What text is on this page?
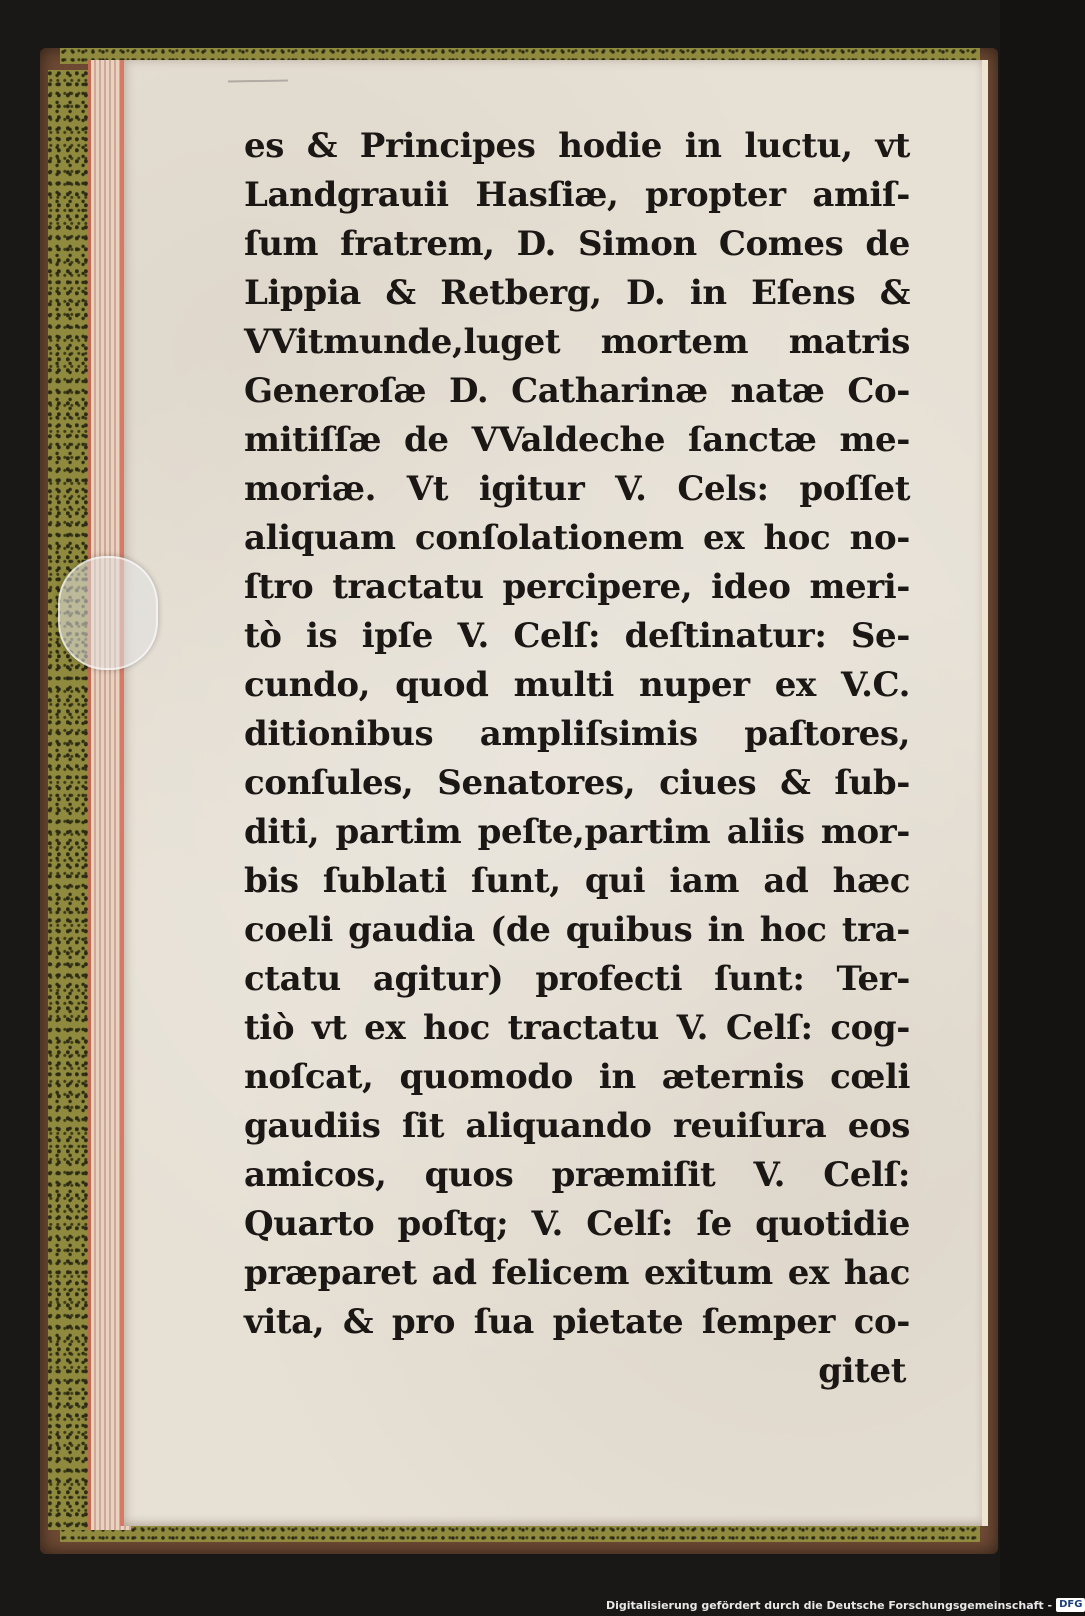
es & Principes hodie in luctu, vt
Landgrauii Hasſiæ, propter amiſ-
ſum fratrem, D. Simon Comes de
Lippia & Retberg, D. in Eſens &
VVitmunde,luget mortem matris
Generoſæ D. Catharinæ natæ Co-
mitiſſæ de VValdeche ſanctæ me-
moriæ. Vt igitur V. Cels: poſſet
aliquam conſolationem ex hoc no-
ſtro tractatu percipere, ideo meri-
tò is ipſe V. Celſ: deſtinatur: Se-
cundo, quod multi nuper ex V.C.
ditionibus ampliſsimis paſtores,
conſules, Senatores, ciues & ſub-
diti, partim peſte,partim aliis mor-
bis ſublati ſunt, qui iam ad hæc
coeli gaudia (de quibus in hoc tra-
ctatu agitur) profecti ſunt: Ter-
tiò vt ex hoc tractatu V. Celſ: cog-
noſcat, quomodo in æternis cœli
gaudiis ſit aliquando reuiſura eos
amicos, quos præmiſit V. Celſ:
Quarto poſtq; V. Celſ: ſe quotidie
præparet ad felicem exitum ex hac
vita, & pro ſua pietate ſemper co-
gitet
Digitalisierung gefördert durch die Deutsche Forschungsgemeinschaft - DFG
